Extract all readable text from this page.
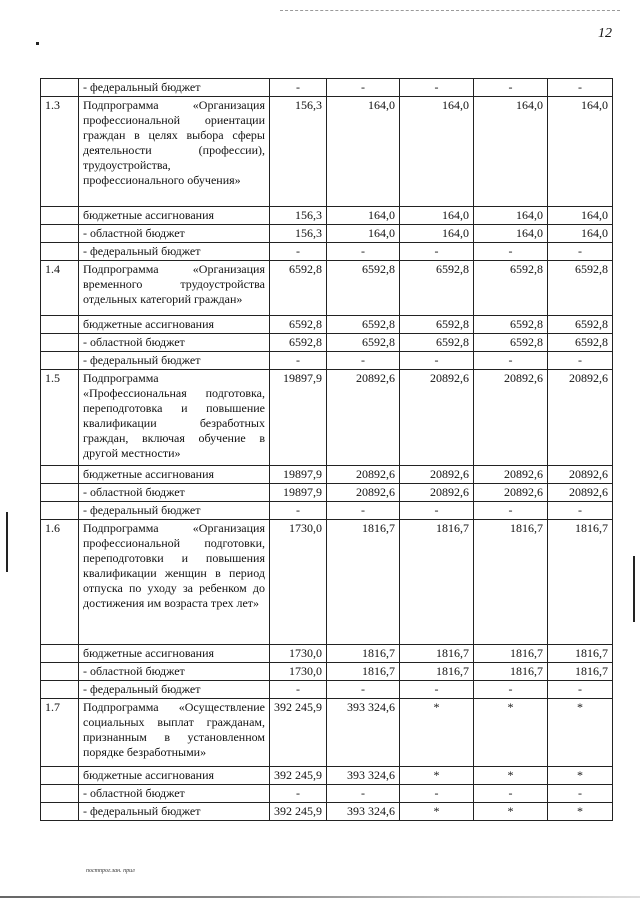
12
	- федеральный бюджет	-	-	-	-	-
1.3	Подпрограмма «Организация профессиональной ориентации граждан в целях выбора сферы деятельности (профессии), трудоустройства, профессионального обучения»	156,3	164,0	164,0	164,0	164,0
	бюджетные ассигнования	156,3	164,0	164,0	164,0	164,0
	- областной бюджет	156,3	164,0	164,0	164,0	164,0
	- федеральный бюджет	-	-	-	-	-
1.4	Подпрограмма «Организация временного трудоустройства отдельных категорий граждан»	6592,8	6592,8	6592,8	6592,8	6592,8
	бюджетные ассигнования	6592,8	6592,8	6592,8	6592,8	6592,8
	- областной бюджет	6592,8	6592,8	6592,8	6592,8	6592,8
	- федеральный бюджет	-	-	-	-	-
1.5	Подпрограмма «Профессиональная подготовка, переподготовка и повышение квалификации безработных граждан, включая обучение в другой местности»	19897,9	20892,6	20892,6	20892,6	20892,6
	бюджетные ассигнования	19897,9	20892,6	20892,6	20892,6	20892,6
	- областной бюджет	19897,9	20892,6	20892,6	20892,6	20892,6
	- федеральный бюджет	-	-	-	-	-
1.6	Подпрограмма «Организация профессиональной подготовки, переподготовки и повышения квалификации женщин в период отпуска по уходу за ребенком до достижения им возраста трех лет»	1730,0	1816,7	1816,7	1816,7	1816,7
	бюджетные ассигнования	1730,0	1816,7	1816,7	1816,7	1816,7
	- областной бюджет	1730,0	1816,7	1816,7	1816,7	1816,7
	- федеральный бюджет	-	-	-	-	-
1.7	Подпрограмма «Осуществление социальных выплат гражданам, признанным в установленном порядке безработными»	392 245,9	393 324,6	*	*	*
	бюджетные ассигнования	392 245,9	393 324,6	*	*	*
	- областной бюджет	-	-	-	-	-
	- федеральный бюджет	392 245,9	393 324,6	*	*	*
постпрог.зан. прил
